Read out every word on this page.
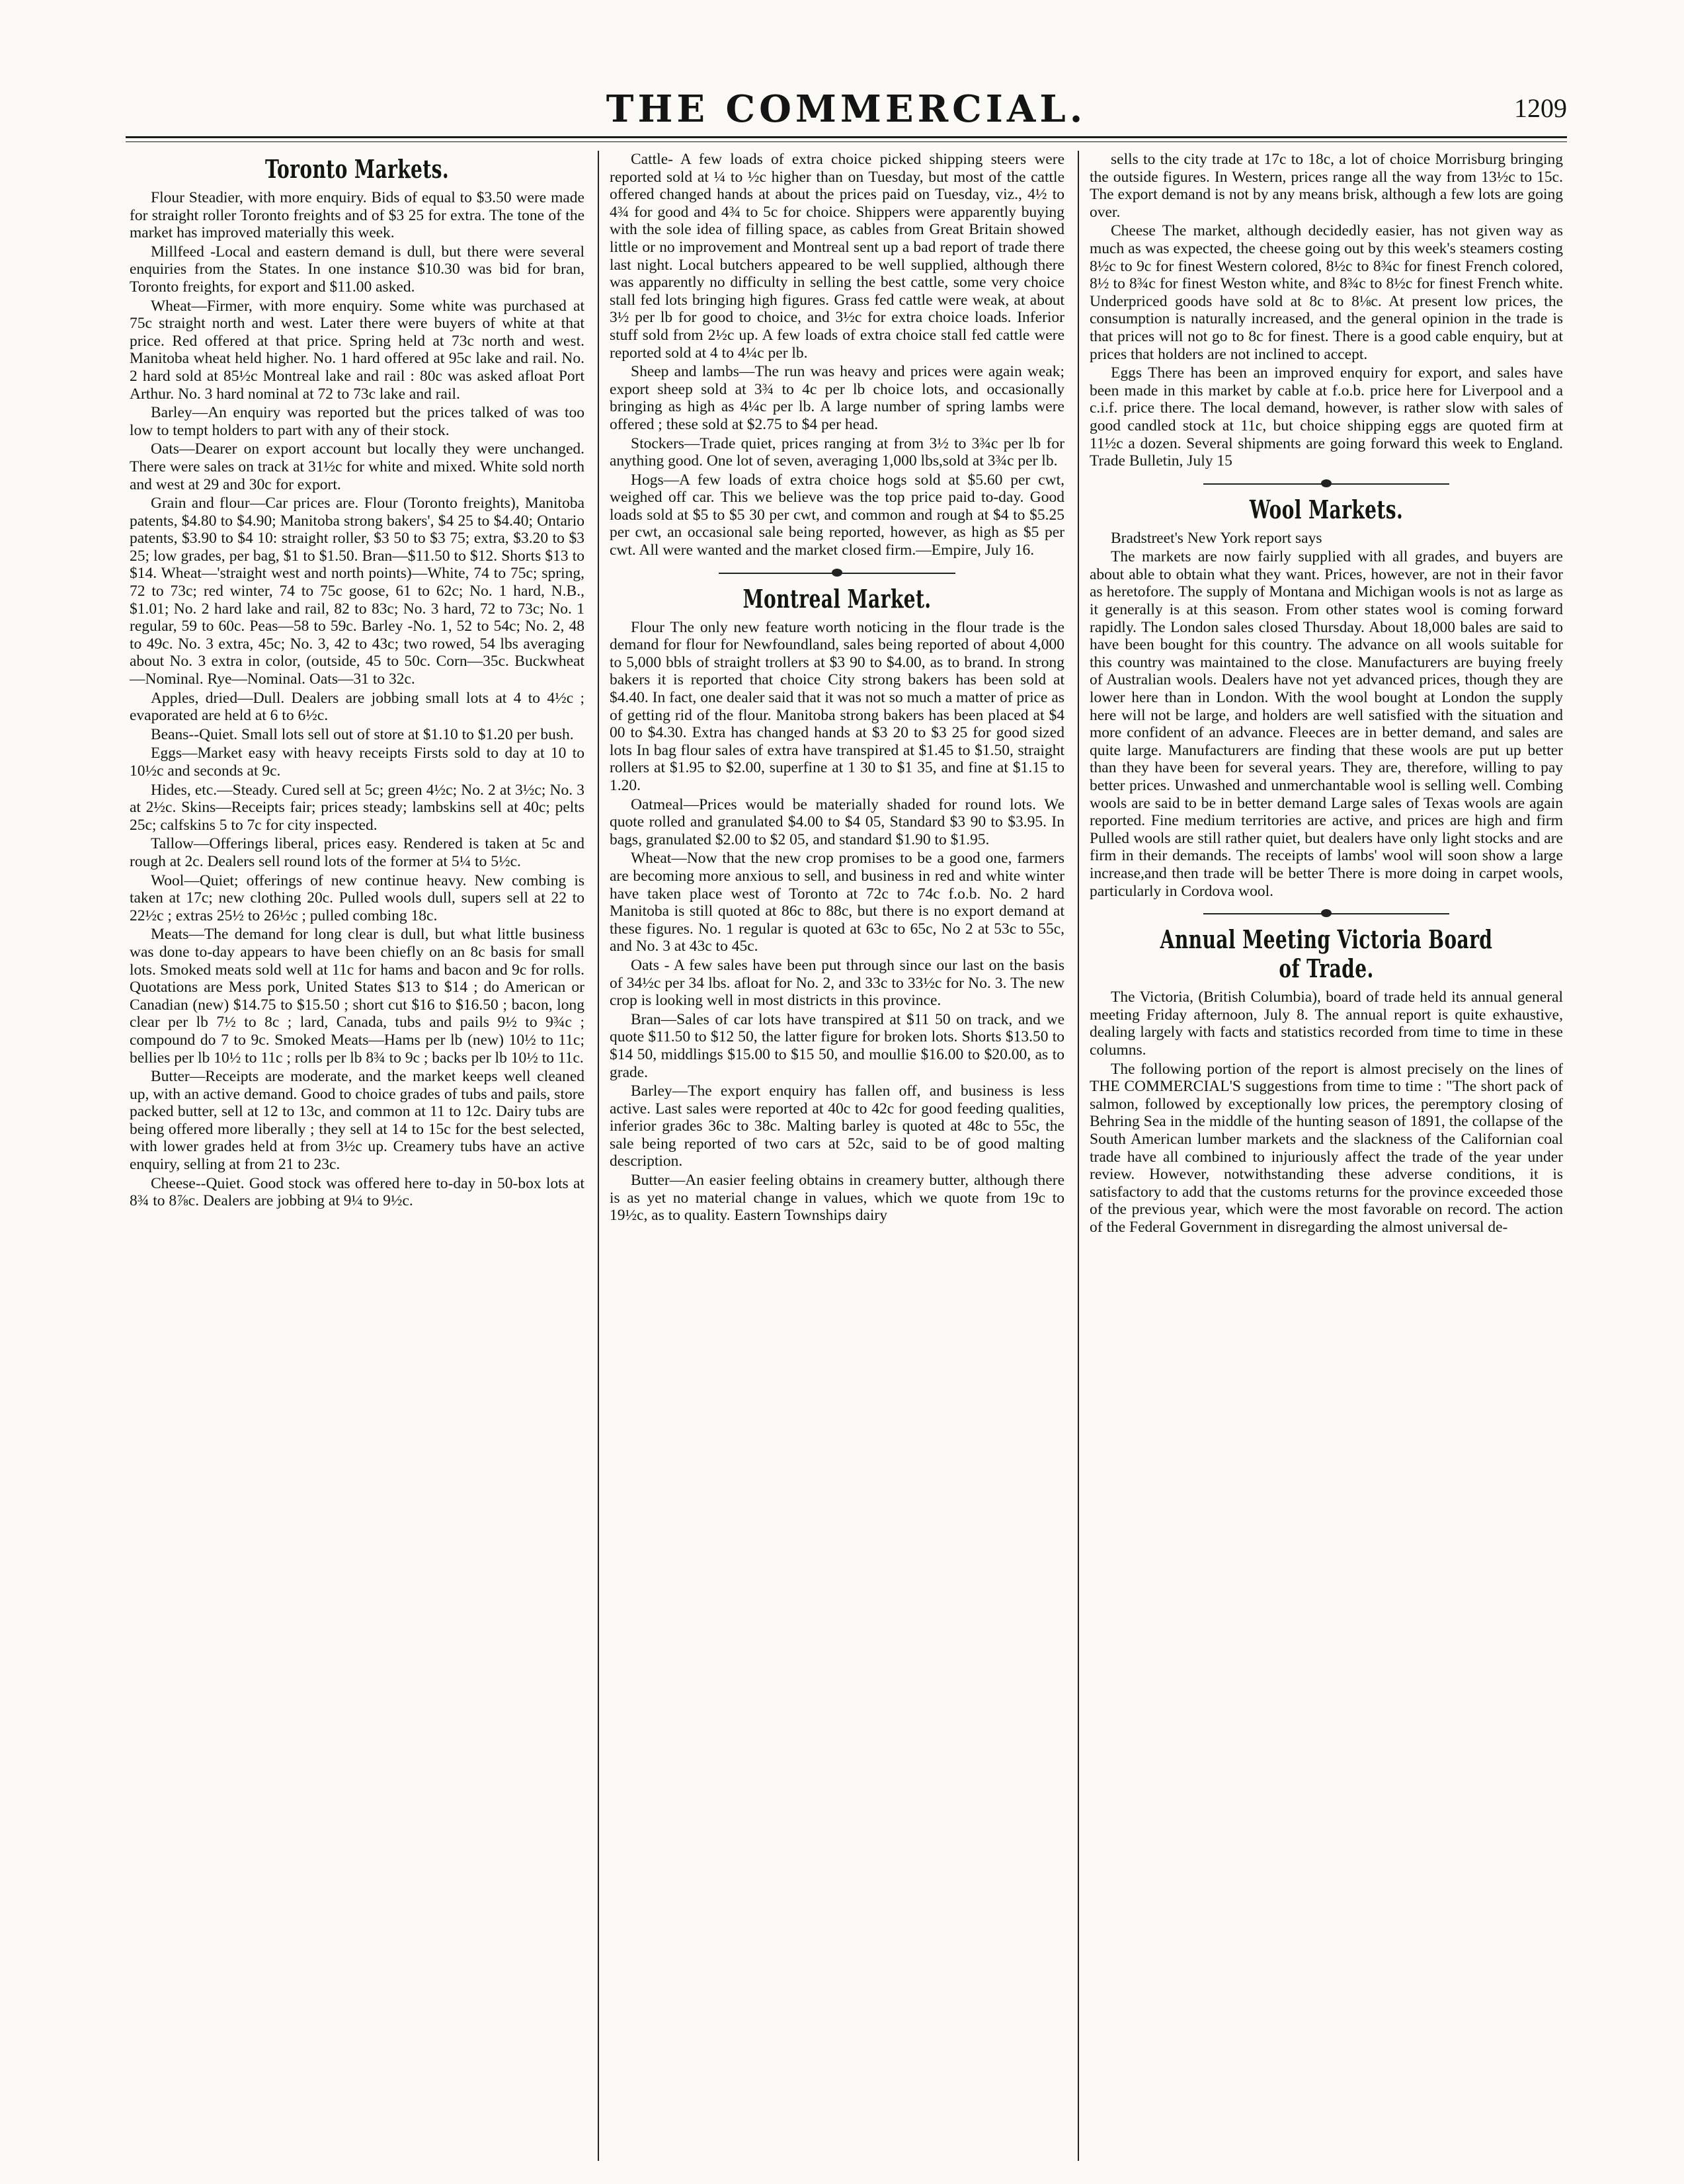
THE COMMERCIAL.	1209
Toronto Markets.

Flour Steadier, with more enquiry. Bids of equal to $3.50 were made for straight roller Toronto freights and of $3 25 for extra. The tone of the market has improved materially this week.

Millfeed -Local and eastern demand is dull, but there were several enquiries from the States. In one instance $10.30 was bid for bran, Toronto freights, for export and $11.00 asked.

Wheat—Firmer, with more enquiry. Some white was purchased at 75c straight north and west. Later there were buyers of white at that price. Red offered at that price. Spring held at 73c north and west. Manitoba wheat held higher. No. 1 hard offered at 95c lake and rail. No. 2 hard sold at 85½c Montreal lake and rail : 80c was asked afloat Port Arthur. No. 3 hard nominal at 72 to 73c lake and rail.

Barley—An enquiry was reported but the prices talked of was too low to tempt holders to part with any of their stock.

Oats—Dearer on export account but locally they were unchanged. There were sales on track at 31½c for white and mixed. White sold north and west at 29 and 30c for export.

Grain and flour—Car prices are. Flour (Toronto freights), Manitoba patents, $4.80 to $4.90; Manitoba strong bakers', $4 25 to $4.40; Ontario patents, $3.90 to $4 10: straight roller, $3 50 to $3 75; extra, $3.20 to $3 25; low grades, per bag, $1 to $1.50. Bran—$11.50 to $12. Shorts $13 to $14. Wheat—'straight west and north points)—White, 74 to 75c; spring, 72 to 73c; red winter, 74 to 75c goose, 61 to 62c; No. 1 hard, N.B., $1.01; No. 2 hard lake and rail, 82 to 83c; No. 3 hard, 72 to 73c; No. 1 regular, 59 to 60c. Peas—58 to 59c. Barley -No. 1, 52 to 54c; No. 2, 48 to 49c. No. 3 extra, 45c; No. 3, 42 to 43c; two rowed, 54 lbs averaging about No. 3 extra in color, (outside, 45 to 50c. Corn—35c. Buckwheat —Nominal. Rye—Nominal. Oats—31 to 32c.

Apples, dried—Dull. Dealers are jobbing small lots at 4 to 4½c ; evaporated are held at 6 to 6½c.

Beans--Quiet. Small lots sell out of store at $1.10 to $1.20 per bush.

Eggs—Market easy with heavy receipts Firsts sold to day at 10 to 10½c and seconds at 9c.

Hides, etc.—Steady. Cured sell at 5c; green 4½c; No. 2 at 3½c; No. 3 at 2½c. Skins—Receipts fair; prices steady; lambskins sell at 40c; pelts 25c; calfskins 5 to 7c for city inspected.

Tallow—Offerings liberal, prices easy. Rendered is taken at 5c and rough at 2c. Dealers sell round lots of the former at 5¼ to 5½c.

Wool—Quiet; offerings of new continue heavy. New combing is taken at 17c; new clothing 20c. Pulled wools dull, supers sell at 22 to 22½c ; extras 25½ to 26½c ; pulled combing 18c.

Meats—The demand for long clear is dull, but what little business was done to-day appears to have been chiefly on an 8c basis for small lots. Smoked meats sold well at 11c for hams and bacon and 9c for rolls. Quotations are Mess pork, United States $13 to $14 ; do American or Canadian (new) $14.75 to $15.50 ; short cut $16 to $16.50 ; bacon, long clear per lb 7½ to 8c ; lard, Canada, tubs and pails 9½ to 9¾c ; compound do 7 to 9c. Smoked Meats—Hams per lb (new) 10½ to 11c; bellies per lb 10½ to 11c ; rolls per lb 8¾ to 9c ; backs per lb 10½ to 11c.

Butter—Receipts are moderate, and the market keeps well cleaned up, with an active demand. Good to choice grades of tubs and pails, store packed butter, sell at 12 to 13c, and common at 11 to 12c. Dairy tubs are being offered more liberally ; they sell at 14 to 15c for the best selected, with lower grades held at from 3½c up. Creamery tubs have an active enquiry, selling at from 21 to 23c.

Cheese--Quiet. Good stock was offered here to-day in 50-box lots at 8¾ to 8⅞c. Dealers are jobbing at 9¼ to 9½c.

Cattle- A few loads of extra choice picked shipping steers were reported sold at ¼ to ½c higher than on Tuesday, but most of the cattle offered changed hands at about the prices paid on Tuesday, viz., 4½ to 4¾ for good and 4¾ to 5c for choice. Shippers were apparently buying with the sole idea of filling space, as cables from Great Britain showed little or no improvement and Montreal sent up a bad report of trade there last night. Local butchers appeared to be well supplied, although there was apparently no difficulty in selling the best cattle, some very choice stall fed lots bringing high figures. Grass fed cattle were weak, at about 3½ per lb for good to choice, and 3½c for extra choice loads. Inferior stuff sold from 2½c up. A few loads of extra choice stall fed cattle were reported sold at 4 to 4¼c per lb.

Sheep and lambs—The run was heavy and prices were again weak; export sheep sold at 3¾ to 4c per lb choice lots, and occasionally bringing as high as 4¼c per lb. A large number of spring lambs were offered ; these sold at $2.75 to $4 per head.

Stockers—Trade quiet, prices ranging at from 3½ to 3¾c per lb for anything good. One lot of seven, averaging 1,000 lbs,sold at 3¾c per lb.

Hogs—A few loads of extra choice hogs sold at $5.60 per cwt, weighed off car. This we believe was the top price paid to-day. Good loads sold at $5 to $5 30 per cwt, and common and rough at $4 to $5.25 per cwt, an occasional sale being reported, however, as high as $5 per cwt. All were wanted and the market closed firm.—Empire, July 16.

Montreal Market.

Flour The only new feature worth noticing in the flour trade is the demand for flour for Newfoundland, sales being reported of about 4,000 to 5,000 bbls of straight trollers at $3 90 to $4.00, as to brand. In strong bakers it is reported that choice City strong bakers has been sold at $4.40. In fact, one dealer said that it was not so much a matter of price as of getting rid of the flour. Manitoba strong bakers has been placed at $4 00 to $4.30. Extra has changed hands at $3 20 to $3 25 for good sized lots In bag flour sales of extra have transpired at $1.45 to $1.50, straight rollers at $1.95 to $2.00, superfine at 1 30 to $1 35, and fine at $1.15 to 1.20.

Oatmeal—Prices would be materially shaded for round lots. We quote rolled and granulated $4.00 to $4 05, Standard $3 90 to $3.95. In bags, granulated $2.00 to $2 05, and standard $1.90 to $1.95.

Wheat—Now that the new crop promises to be a good one, farmers are becoming more anxious to sell, and business in red and white winter have taken place west of Toronto at 72c to 74c f.o.b. No. 2 hard Manitoba is still quoted at 86c to 88c, but there is no export demand at these figures. No. 1 regular is quoted at 63c to 65c, No 2 at 53c to 55c, and No. 3 at 43c to 45c.

Oats - A few sales have been put through since our last on the basis of 34½c per 34 lbs. afloat for No. 2, and 33c to 33½c for No. 3. The new crop is looking well in most districts in this province.

Bran—Sales of car lots have transpired at $11 50 on track, and we quote $11.50 to $12 50, the latter figure for broken lots. Shorts $13.50 to $14 50, middlings $15.00 to $15 50, and moullie $16.00 to $20.00, as to grade.

Barley—The export enquiry has fallen off, and business is less active. Last sales were reported at 40c to 42c for good feeding qualities, inferior grades 36c to 38c. Malting barley is quoted at 48c to 55c, the sale being reported of two cars at 52c, said to be of good malting description.

Butter—An easier feeling obtains in creamery butter, although there is as yet no material change in values, which we quote from 19c to 19½c, as to quality. Eastern Townships dairy

sells to the city trade at 17c to 18c, a lot of choice Morrisburg bringing the outside figures. In Western, prices range all the way from 13½c to 15c. The export demand is not by any means brisk, although a few lots are going over.

Cheese The market, although decidedly easier, has not given way as much as was expected, the cheese going out by this week's steamers costing 8½c to 9c for finest Western colored, 8½c to 8¾c for finest French colored, 8½ to 8¾c for finest Weston white, and 8¾c to 8½c for finest French white. Underpriced goods have sold at 8c to 8⅛c. At present low prices, the consumption is naturally increased, and the general opinion in the trade is that prices will not go to 8c for finest. There is a good cable enquiry, but at prices that holders are not inclined to accept.

Eggs There has been an improved enquiry for export, and sales have been made in this market by cable at f.o.b. price here for Liverpool and a c.i.f. price there. The local demand, however, is rather slow with sales of good candled stock at 11c, but choice shipping eggs are quoted firm at 11½c a dozen. Several shipments are going forward this week to England. Trade Bulletin, July 15

Wool Markets.

Bradstreet's New York report says

The markets are now fairly supplied with all grades, and buyers are about able to obtain what they want. Prices, however, are not in their favor as heretofore. The supply of Montana and Michigan wools is not as large as it generally is at this season. From other states wool is coming forward rapidly. The London sales closed Thursday. About 18,000 bales are said to have been bought for this country. The advance on all wools suitable for this country was maintained to the close. Manufacturers are buying freely of Australian wools. Dealers have not yet advanced prices, though they are lower here than in London. With the wool bought at London the supply here will not be large, and holders are well satisfied with the situation and more confident of an advance. Fleeces are in better demand, and sales are quite large. Manufacturers are finding that these wools are put up better than they have been for several years. They are, therefore, willing to pay better prices. Unwashed and unmerchantable wool is selling well. Combing wools are said to be in better demand Large sales of Texas wools are again reported. Fine medium territories are active, and prices are high and firm Pulled wools are still rather quiet, but dealers have only light stocks and are firm in their demands. The receipts of lambs' wool will soon show a large increase,and then trade will be better There is more doing in carpet wools, particularly in Cordova wool.

Annual Meeting Victoria Board of Trade.

The Victoria, (British Columbia), board of trade held its annual general meeting Friday afternoon, July 8. The annual report is quite exhaustive, dealing largely with facts and statistics recorded from time to time in these columns.

The following portion of the report is almost precisely on the lines of THE COMMERCIAL'S suggestions from time to time : "The short pack of salmon, followed by exceptionally low prices, the peremptory closing of Behring Sea in the middle of the hunting season of 1891, the collapse of the South American lumber markets and the slackness of the Californian coal trade have all combined to injuriously affect the trade of the year under review. However, notwithstanding these adverse conditions, it is satisfactory to add that the customs returns for the province exceeded those of the previous year, which were the most favorable on record. The action of the Federal Government in disregarding the almost universal de-
